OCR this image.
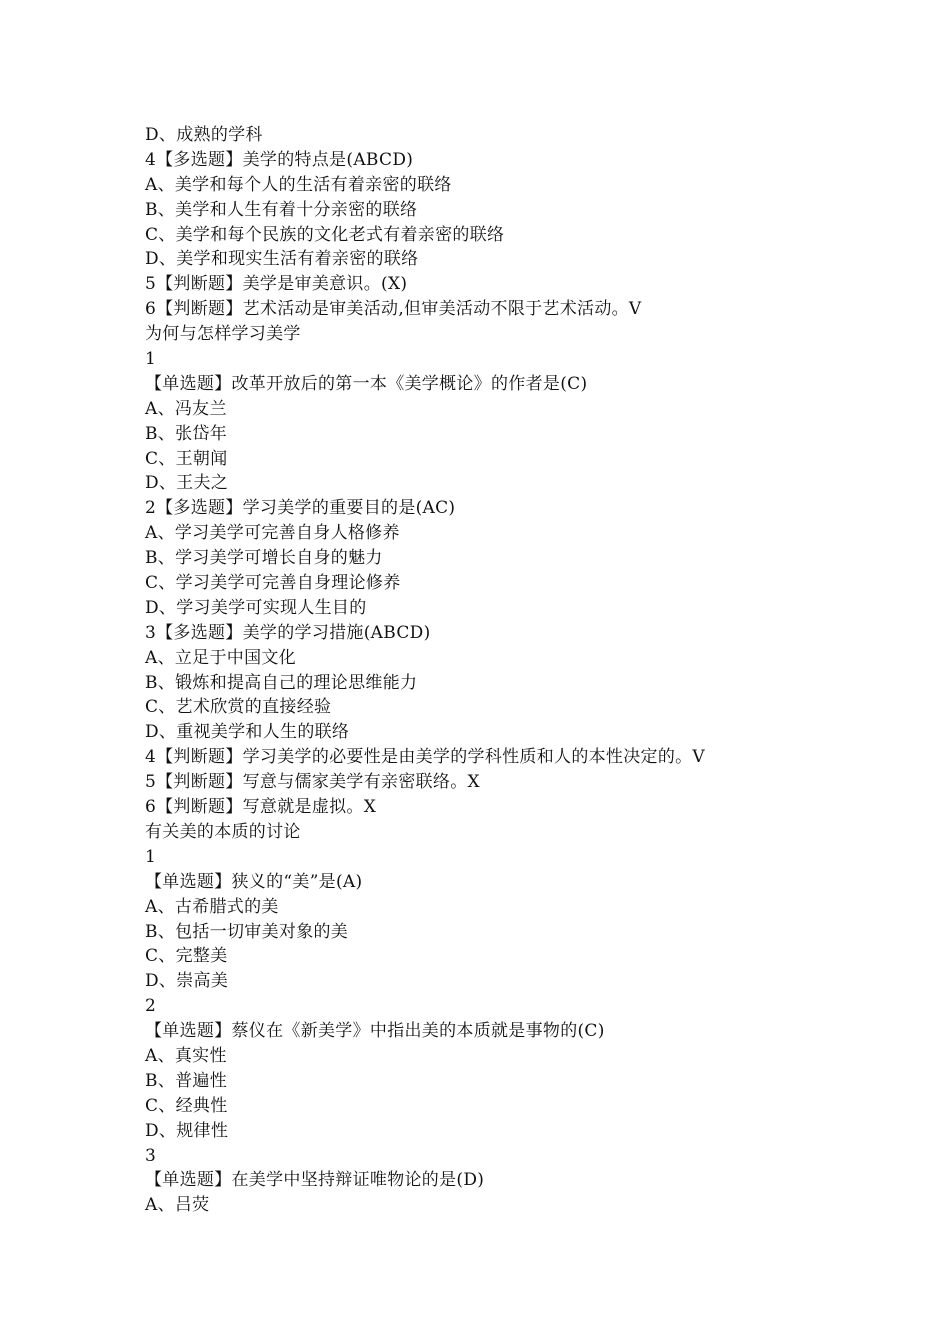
D、成熟的学科
4【多选题】美学的特点是(ABCD)
A、美学和每个人的生活有着亲密的联络
B、美学和人生有着十分亲密的联络
C、美学和每个民族的文化老式有着亲密的联络
D、美学和现实生活有着亲密的联络
5【判断题】美学是审美意识。(X)
6【判断题】艺术活动是审美活动,但审美活动不限于艺术活动。V
为何与怎样学习美学
1
【单选题】改革开放后的第一本《美学概论》的作者是(C)
A、冯友兰
B、张岱年
C、王朝闻
D、王夫之
2【多选题】学习美学的重要目的是(AC)
A、学习美学可完善自身人格修养
B、学习美学可增长自身的魅力
C、学习美学可完善自身理论修养
D、学习美学可实现人生目的
3【多选题】美学的学习措施(ABCD)
A、立足于中国文化
B、锻炼和提高自己的理论思维能力
C、艺术欣赏的直接经验
D、重视美学和人生的联络
4【判断题】学习美学的必要性是由美学的学科性质和人的本性决定的。V
5【判断题】写意与儒家美学有亲密联络。X
6【判断题】写意就是虚拟。X
有关美的本质的讨论
1
【单选题】狭义的“美”是(A)
A、古希腊式的美
B、包括一切审美对象的美
C、完整美
D、崇高美
2
【单选题】蔡仪在《新美学》中指出美的本质就是事物的(C)
A、真实性
B、普遍性
C、经典性
D、规律性
3
【单选题】在美学中坚持辩证唯物论的是(D)
A、吕荧
